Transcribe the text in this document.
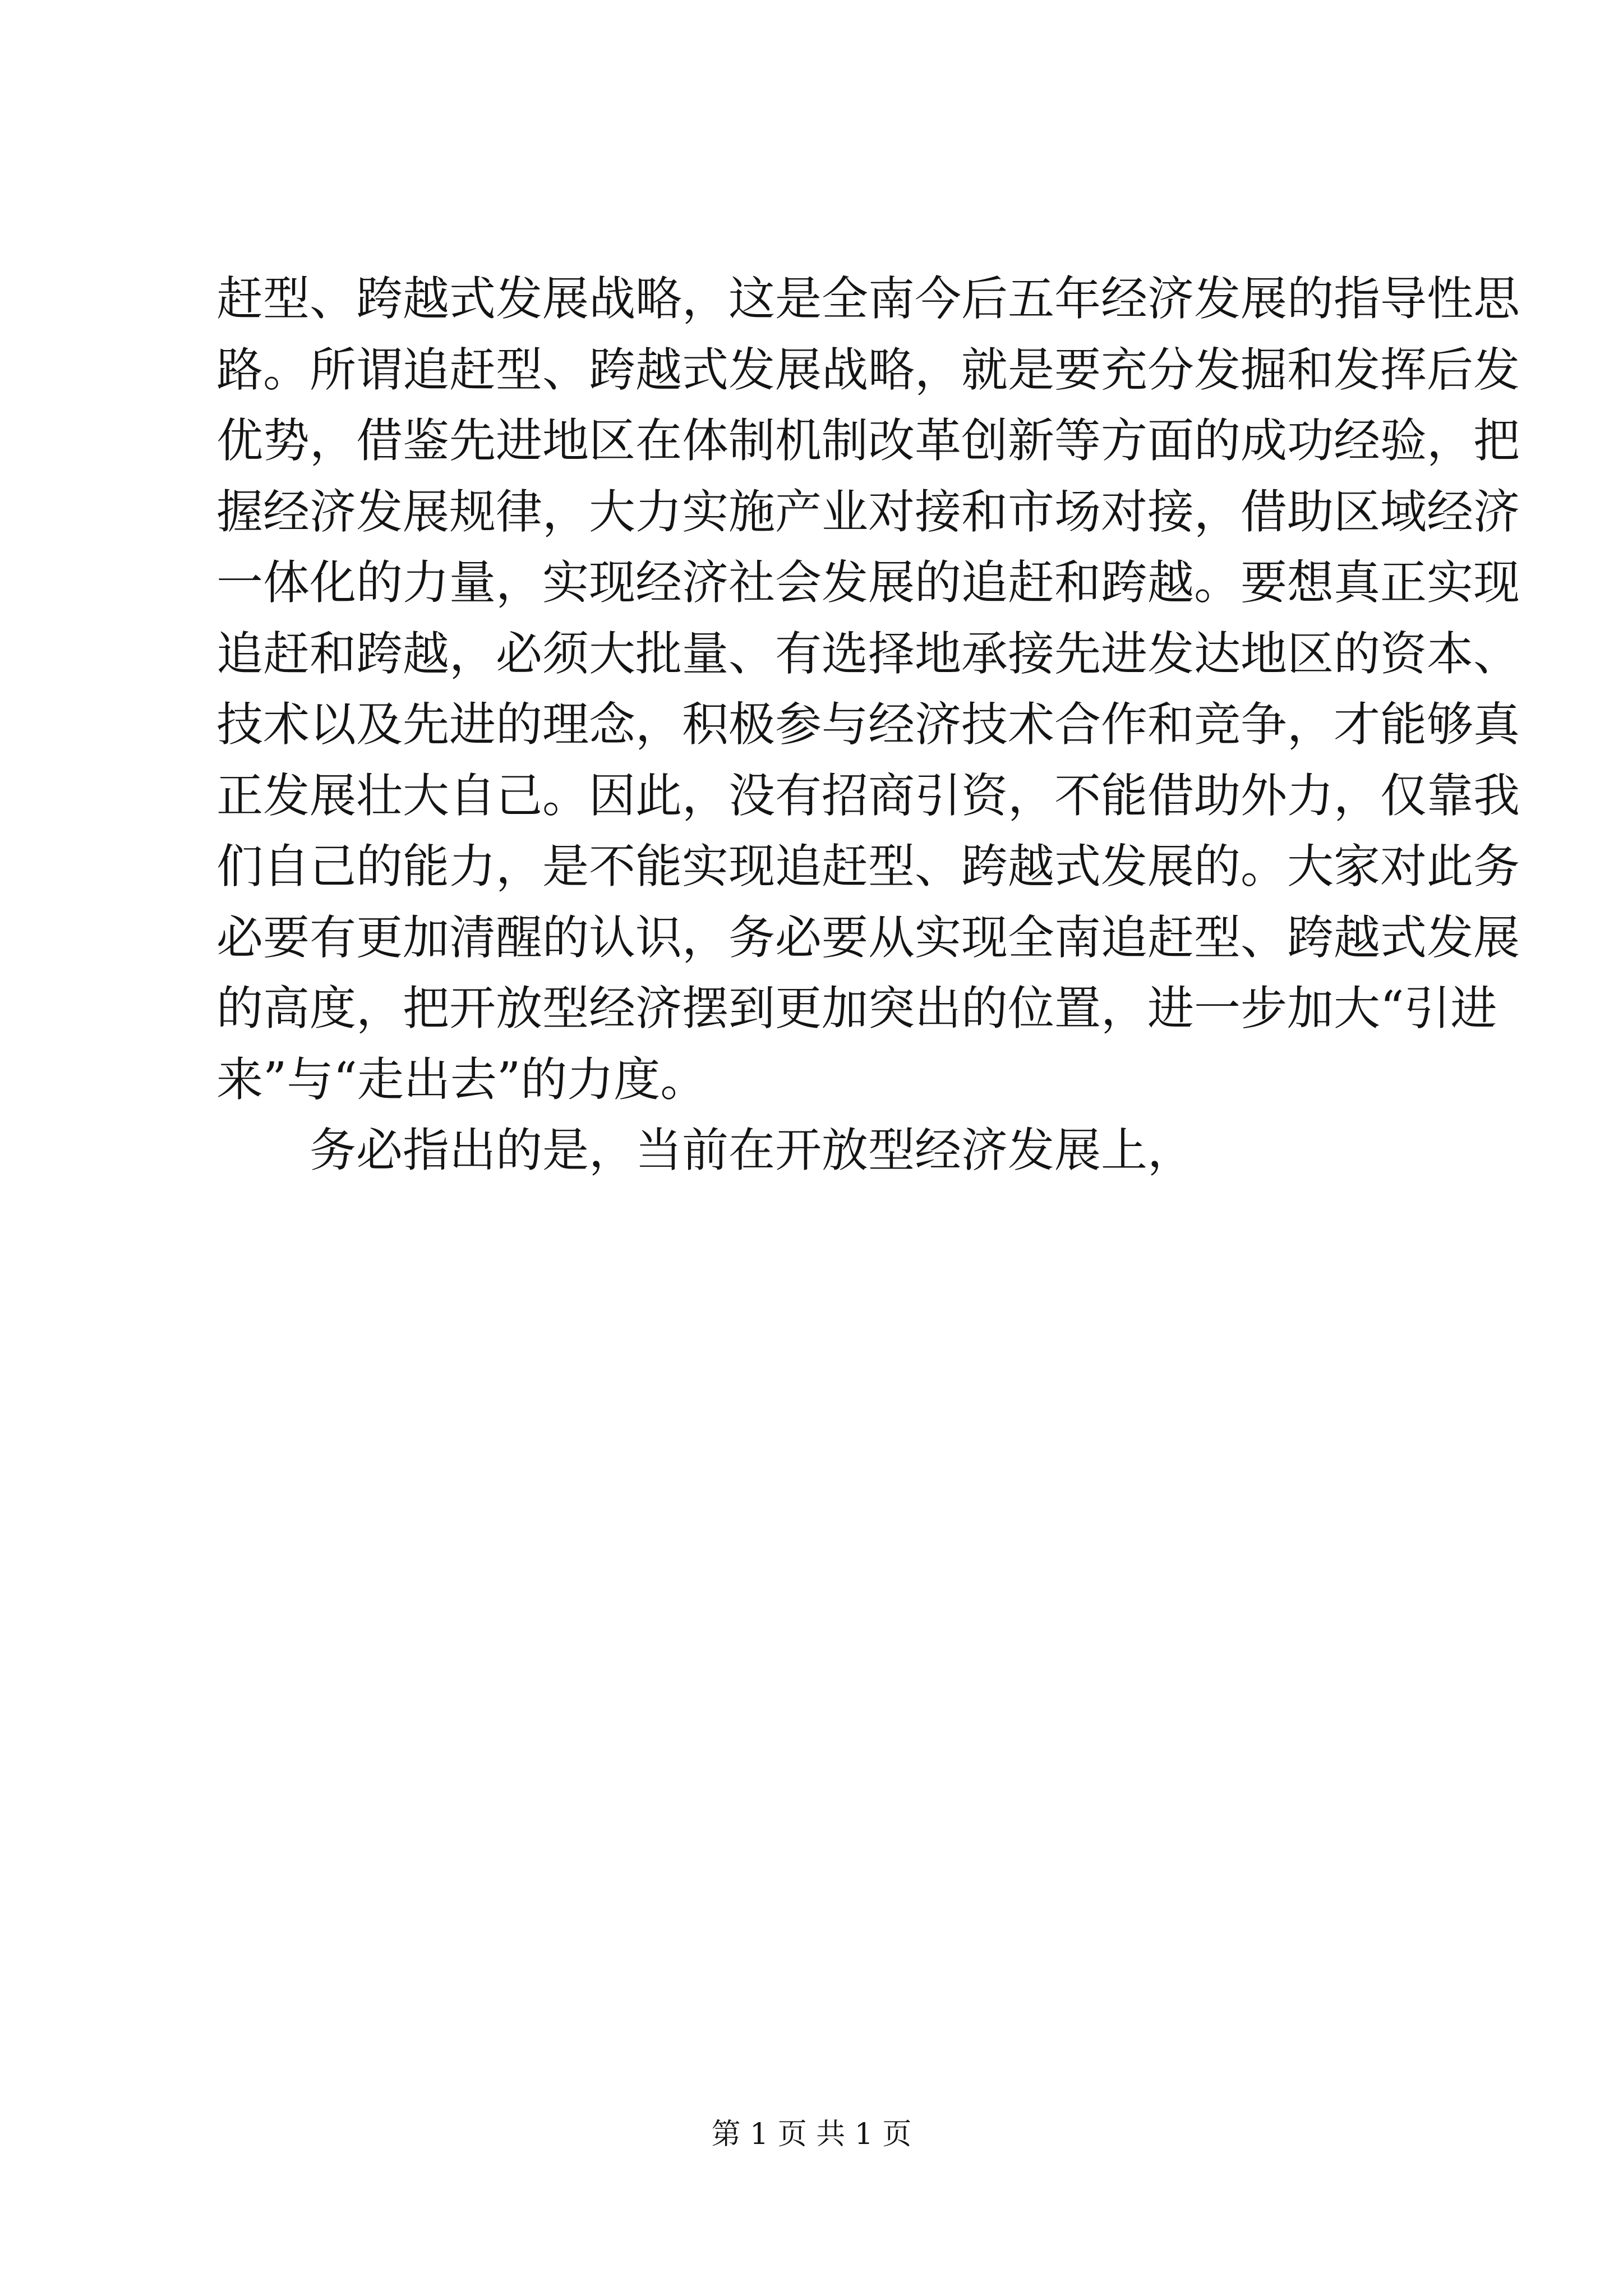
赶型、跨越式发展战略，这是全南今后五年经济发展的指导性思
路。所谓追赶型、跨越式发展战略，就是要充分发掘和发挥后发
优势，借鉴先进地区在体制机制改革创新等方面的成功经验，把
握经济发展规律，大力实施产业对接和市场对接，借助区域经济
一体化的力量，实现经济社会发展的追赶和跨越。要想真正实现
追赶和跨越，必须大批量、有选择地承接先进发达地区的资本、
技术以及先进的理念，积极参与经济技术合作和竞争，才能够真
正发展壮大自己。因此，没有招商引资，不能借助外力，仅靠我
们自己的能力，是不能实现追赶型、跨越式发展的。大家对此务
必要有更加清醒的认识，务必要从实现全南追赶型、跨越式发展
的高度，把开放型经济摆到更加突出的位置，进一步加大“引进
来”与“走出去”的力度。
务必指出的是，当前在开放型经济发展上，
第 1 页 共 1 页
